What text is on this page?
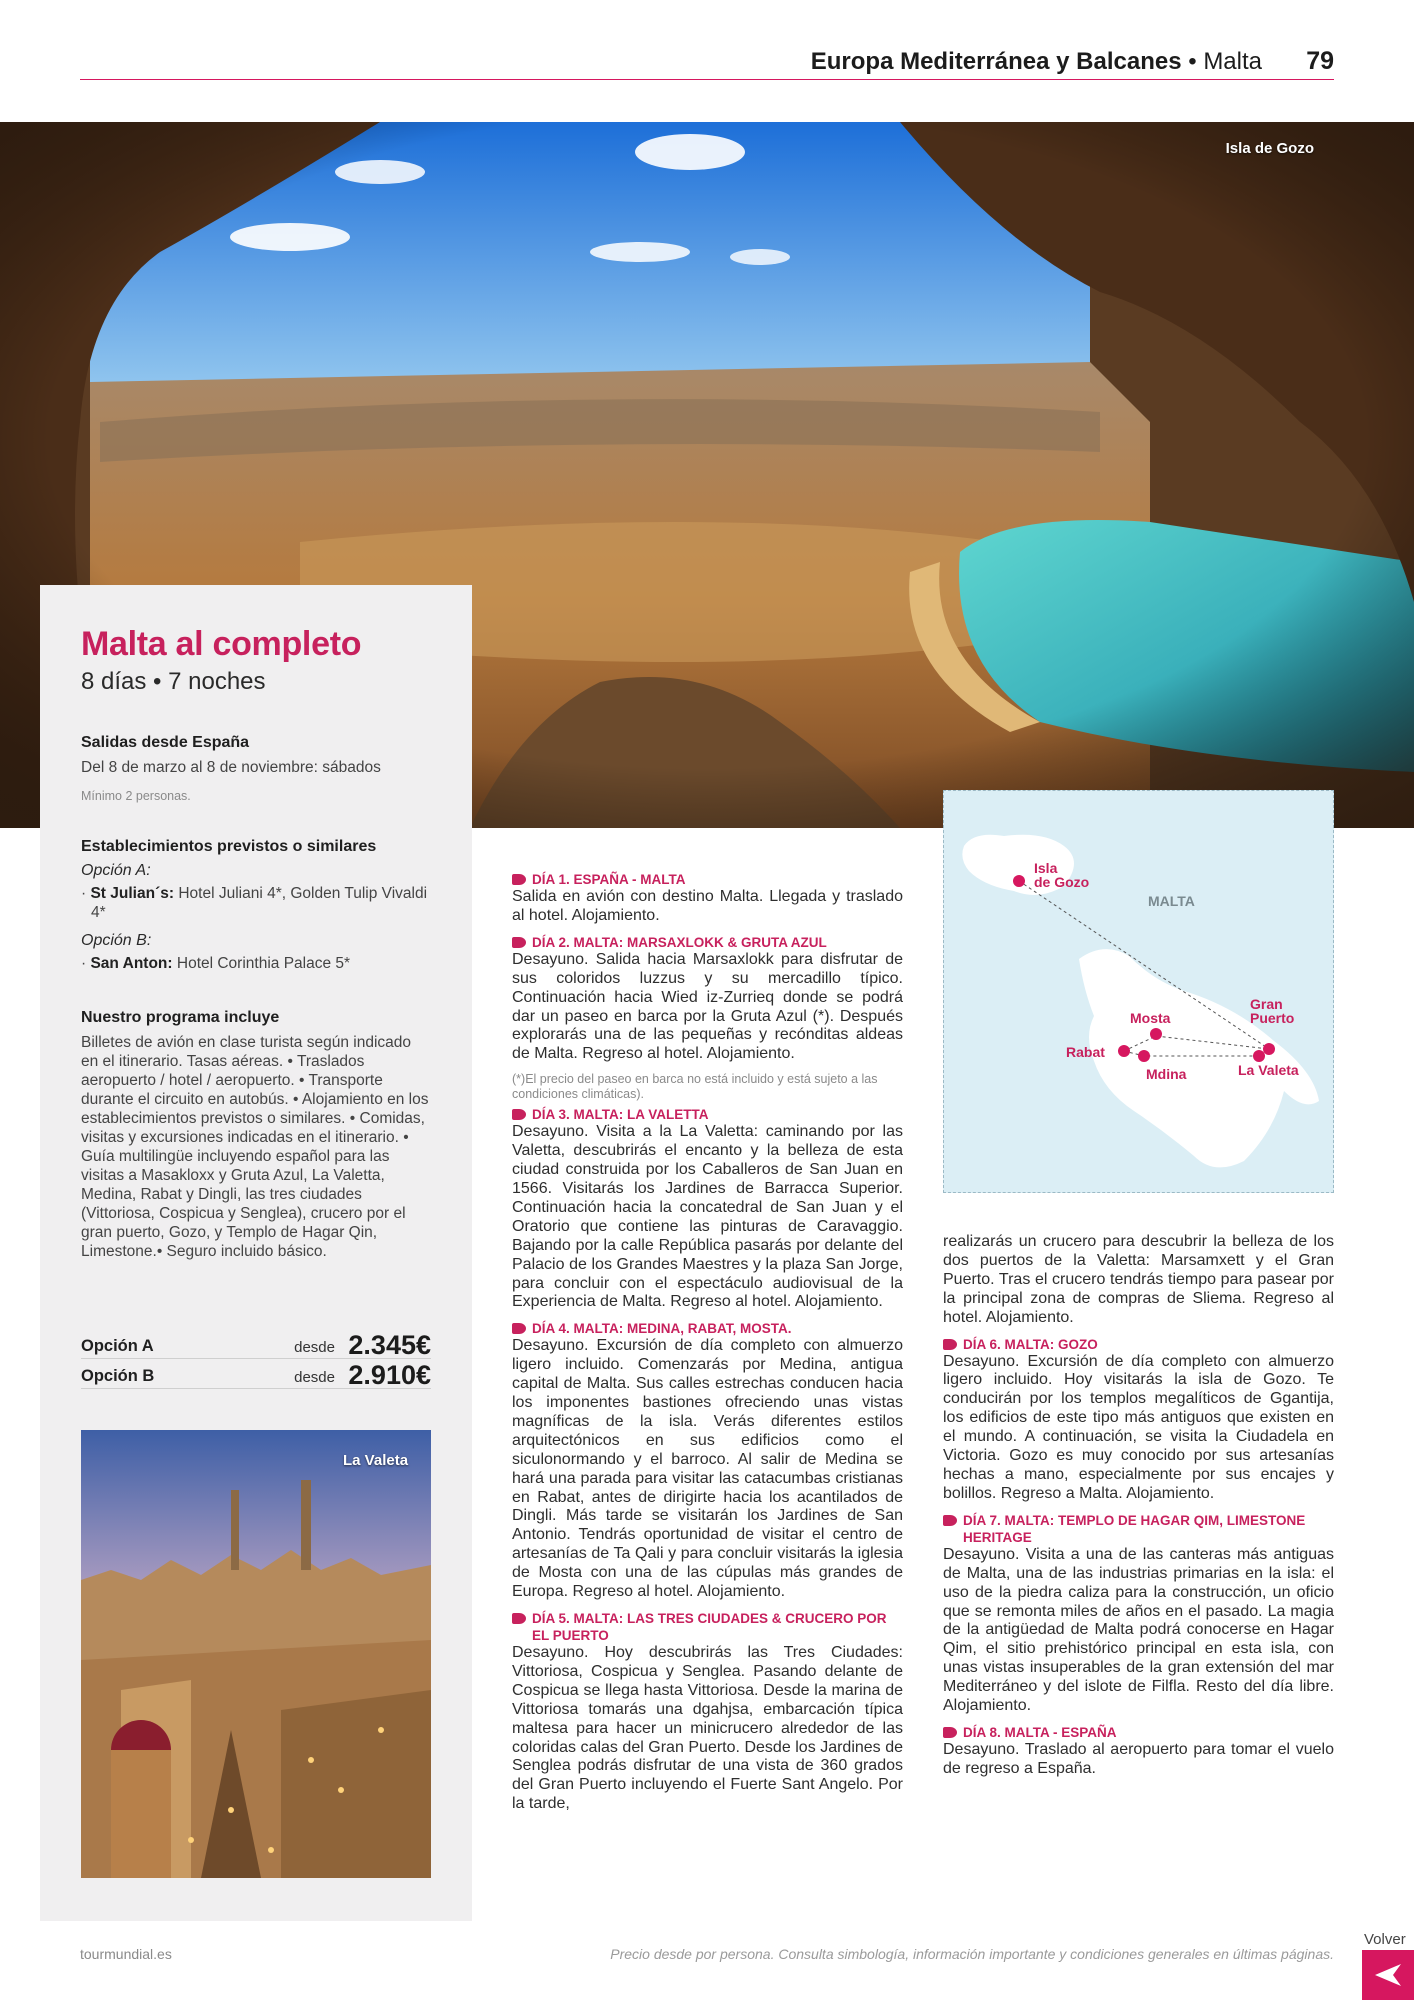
Europa Mediterránea y Balcanes • Malta 79
Isla de Gozo
Malta al completo
8 días • 7 noches
Salidas desde España
Del 8 de marzo al 8 de noviembre: sábados
Mínimo 2 personas.
Establecimientos previstos o similares
Opción A:
· St Julian´s: Hotel Juliani 4*, Golden Tulip Vivaldi 4*
Opción B:
· San Anton: Hotel Corinthia Palace 5*
Nuestro programa incluye
Billetes de avión en clase turista según indicado en el itinerario. Tasas aéreas. • Traslados aeropuerto / hotel / aeropuerto. • Transporte durante el circuito en autobús. • Alojamiento en los establecimientos previstos o similares. • Comidas, visitas y excursiones indicadas en el itinerario. • Guía multilingüe incluyendo español para las visitas a Masakloxx y Gruta Azul, La Valetta, Medina, Rabat y Dingli, las tres ciudades (Vittoriosa, Cospicua y Senglea), crucero por el gran puerto, Gozo, y Templo de Hagar Qin, Limestone.• Seguro incluido básico.
Opción A	desde 2.345€
Opción B	desde 2.910€
La Valeta
Isla
de Gozo
MALTA
Mosta
Rabat
Mdina
Gran
Puerto
La Valeta
DÍA 1. ESPAÑA - MALTA
Salida en avión con destino Malta. Llegada y traslado al hotel. Alojamiento.
DÍA 2. MALTA: MARSAXLOKK & GRUTA AZUL
Desayuno. Salida hacia Marsaxlokk para disfrutar de sus coloridos luzzus y su mercadillo típico. Continuación hacia Wied iz-Zurrieq donde se podrá dar un paseo en barca por la Gruta Azul (*). Después explorarás una de las pequeñas y recónditas aldeas de Malta. Regreso al hotel. Alojamiento.
(*)El precio del paseo en barca no está incluido y está sujeto a las condiciones climáticas).
DÍA 3. MALTA: LA VALETTA
Desayuno. Visita a la La Valetta: caminando por las Valetta, descubrirás el encanto y la belleza de esta ciudad construida por los Caballeros de San Juan en 1566. Visitarás los Jardines de Barracca Superior. Continuación hacia la concatedral de San Juan y el Oratorio que contiene las pinturas de Caravaggio. Bajando por la calle República pasarás por delante del Palacio de los Grandes Maestres y la plaza San Jorge, para concluir con el espectáculo audiovisual de la Experiencia de Malta. Regreso al hotel. Alojamiento.
DÍA 4. MALTA: MEDINA, RABAT, MOSTA.
Desayuno. Excursión de día completo con almuerzo ligero incluido. Comenzarás por Medina, antigua capital de Malta. Sus calles estrechas conducen hacia los imponentes bastiones ofreciendo unas vistas magníficas de la isla. Verás diferentes estilos arquitectónicos en sus edificios como el siculonormando y el barroco. Al salir de Medina se hará una parada para visitar las catacumbas cristianas en Rabat, antes de dirigirte hacia los acantilados de Dingli. Más tarde se visitarán los Jardines de San Antonio. Tendrás oportunidad de visitar el centro de artesanías de Ta Qali y para concluir visitarás la iglesia de Mosta con una de las cúpulas más grandes de Europa. Regreso al hotel. Alojamiento.
DÍA 5. MALTA: LAS TRES CIUDADES & CRUCERO POR EL PUERTO
Desayuno. Hoy descubrirás las Tres Ciudades: Vittoriosa, Cospicua y Senglea. Pasando delante de Cospicua se llega hasta Vittoriosa. Desde la marina de Vittoriosa tomarás una dgahjsa, embarcación típica maltesa para hacer un minicrucero alrededor de las coloridas calas del Gran Puerto. Desde los Jardines de Senglea podrás disfrutar de una vista de 360 grados del Gran Puerto incluyendo el Fuerte Sant Angelo. Por la tarde,
realizarás un crucero para descubrir la belleza de los dos puertos de la Valetta: Marsamxett y el Gran Puerto. Tras el crucero tendrás tiempo para pasear por la principal zona de compras de Sliema. Regreso al hotel. Alojamiento.
DÍA 6. MALTA: GOZO
Desayuno. Excursión de día completo con almuerzo ligero incluido. Hoy visitarás la isla de Gozo. Te conducirán por los templos megalíticos de Ggantija, los edificios de este tipo más antiguos que existen en el mundo. A continuación, se visita la Ciudadela en Victoria. Gozo es muy conocido por sus artesanías hechas a mano, especialmente por sus encajes y bolillos. Regreso a Malta. Alojamiento.
DÍA 7. MALTA: TEMPLO DE HAGAR QIM, LIMESTONE HERITAGE
Desayuno. Visita a una de las canteras más antiguas de Malta, una de las industrias primarias en la isla: el uso de la piedra caliza para la construcción, un oficio que se remonta miles de años en el pasado. La magia de la antigüedad de Malta podrá conocerse en Hagar Qim, el sitio prehistórico principal en esta isla, con unas vistas insuperables de la gran extensión del mar Mediterráneo y del islote de Filfla. Resto del día libre. Alojamiento.
DÍA 8. MALTA - ESPAÑA
Desayuno. Traslado al aeropuerto para tomar el vuelo de regreso a España.
tourmundial.es	Precio desde por persona. Consulta simbología, información importante y condiciones generales en últimas páginas.
Volver
